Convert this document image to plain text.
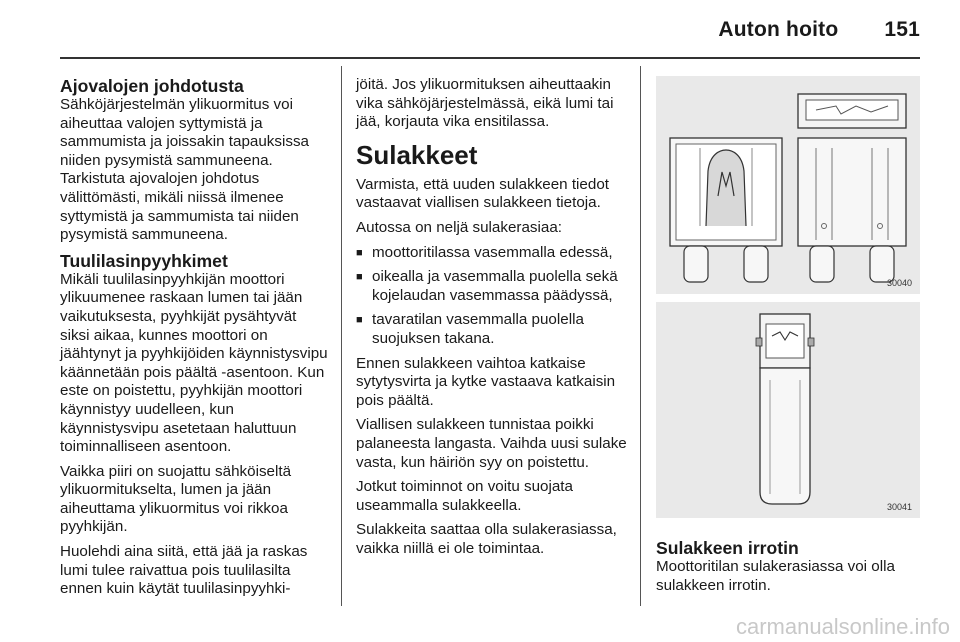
Auton hoito 151
Ajovalojen johdotusta

Sähköjärjestelmän ylikuormitus voi aiheuttaa valojen syttymistä ja sammumista ja joissakin tapauksissa niiden pysymistä sammuneena. Tarkistuta ajovalojen johdotus välittömästi, mikäli niissä ilmenee syttymistä ja sammumista tai niiden pysymistä sammuneena.

Tuulilasinpyyhkimet

Mikäli tuulilasinpyyhkijän moottori ylikuumenee raskaan lumen tai jään vaikutuksesta, pyyhkijät pysähtyvät siksi aikaa, kunnes moottori on jäähtynyt ja pyyhkijöiden käynnistysvipu käännetään pois päältä -asentoon. Kun este on poistettu, pyyhkijän moottori käynnistyy uudelleen, kun käynnistysvipu asetetaan haluttuun toiminnalliseen asentoon.

Vaikka piiri on suojattu sähköiseltä ylikuormitukselta, lumen ja jään aiheuttama ylikuormitus voi rikkoa pyyhkijän.

Huolehdi aina siitä, että jää ja raskas lumi tulee raivattua pois tuulilasilta ennen kuin käytät tuulilasinpyyhki-

jöitä. Jos ylikuormituksen aiheuttaakin vika sähköjärjestelmässä, eikä lumi tai jää, korjauta vika ensitilassa.

Sulakkeet

Varmista, että uuden sulakkeen tiedot vastaavat viallisen sulakkeen tietoja.

Autossa on neljä sulakerasiaa:

■ moottoritilassa vasemmalla edessä,
■ oikealla ja vasemmalla puolella sekä kojelaudan vasemmassa päädyssä,
■ tavaratilan vasemmalla puolella suojuksen takana.

Ennen sulakkeen vaihtoa katkaise sytytysvirta ja kytke vastaava katkaisin pois päältä.

Viallisen sulakkeen tunnistaa poikki palaneesta langasta. Vaihda uusi sulake vasta, kun häiriön syy on poistettu.

Jotkut toiminnot on voitu suojata useammalla sulakkeella.

Sulakkeita saattaa olla sulakerasiassa, vaikka niillä ei ole toimintaa.

30040
30041
Sulakkeen irrotin

Moottoritilan sulakerasiassa voi olla sulakkeen irrotin.

carmanualsonline.info
